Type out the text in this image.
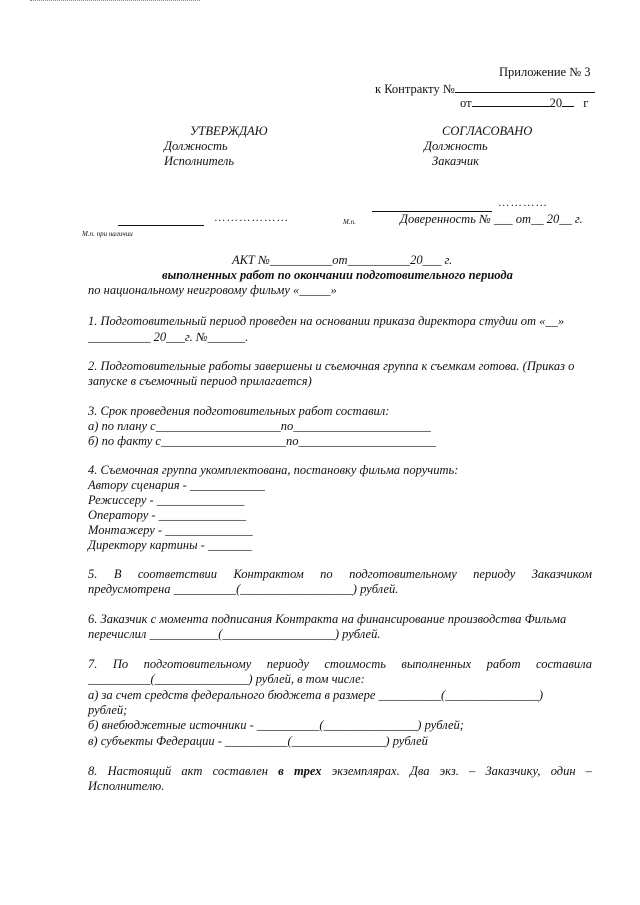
Приложение № 3
к Контракту №
от	20 г
УТВЕРЖДАЮ
Должность
Исполнитель
СОГЛАСОВАНО
Должность
Заказчик
…………
………………	М.п.	Доверенность № ___ от__ 20__ г.
М.п. при наличии
АКТ №__________от__________20___ г.
выполненных работ по окончании подготовительного периода
по национальному неигровому фильму «_____»
1. Подготовительный период проведен на основании приказа директора студии от «__»
__________ 20___г. №______.
2. Подготовительные работы завершены и съемочная группа к съемкам готова. (Приказ о
запуске в съемочный период прилагается)
3. Срок проведения подготовительных работ составил:
а) по плану с____________________по______________________
б) по факту с____________________по______________________
4. Съемочная группа укомплектована, постановку фильма поручить:
Автору сценария - ____________
Режиссеру - ______________
Оператору - ______________
Монтажеру - ______________
Директору картины - _______
5. В соответствии Контрактом по подготовительному периоду Заказчиком
предусмотрена __________(__________________) рублей.
6. Заказчик с момента подписания Контракта на финансирование производства Фильма
перечислил ___________(__________________) рублей.
7. По подготовительному периоду стоимость выполненных работ составила
__________(_______________) рублей, в том числе:
а) за счет средств федерального бюджета в размере __________(_______________)
рублей;
б) внебюджетные источники - __________(_______________) рублей;
в) субъекты Федерации - __________(_______________) рублей
8. Настоящий акт составлен в трех экземплярах. Два экз. – Заказчику, один –
Исполнителю.
